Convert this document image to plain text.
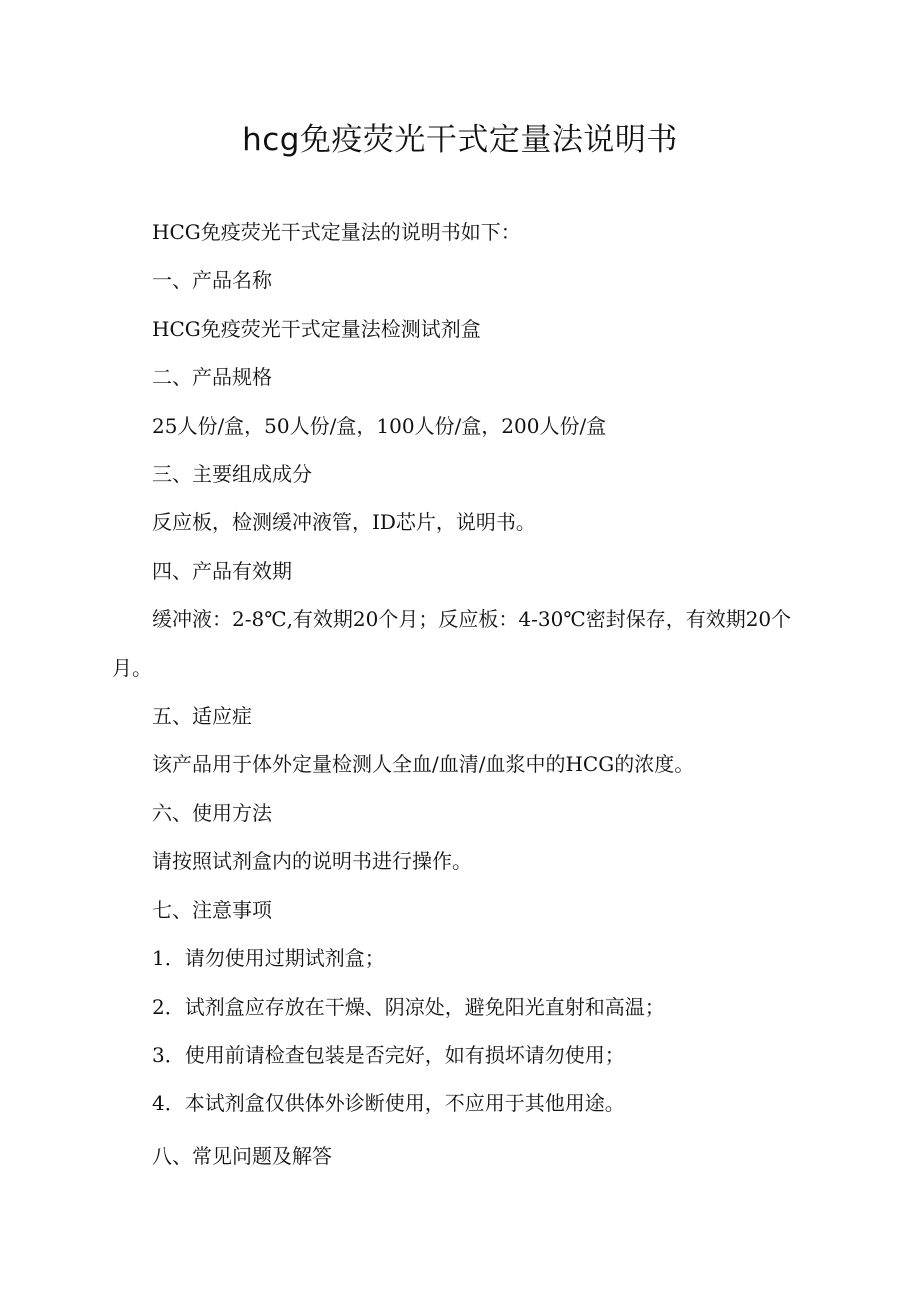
hcg免疫荧光干式定量法说明书

HCG免疫荧光干式定量法的说明书如下：

一、产品名称

HCG免疫荧光干式定量法检测试剂盒

二、产品规格

25人份/盒，50人份/盒，100人份/盒，200人份/盒

三、主要组成成分

反应板，检测缓冲液管，ID芯片，说明书。

四、产品有效期

缓冲液：2-8℃,有效期20个月；反应板：4-30℃密封保存，有效期20个月。

五、适应症

该产品用于体外定量检测人全血/血清/血浆中的HCG的浓度。

六、使用方法

请按照试剂盒内的说明书进行操作。

七、注意事项

1．请勿使用过期试剂盒；

2．试剂盒应存放在干燥、阴凉处，避免阳光直射和高温；

3．使用前请检查包装是否完好，如有损坏请勿使用；

4．本试剂盒仅供体外诊断使用，不应用于其他用途。

八、常见问题及解答
